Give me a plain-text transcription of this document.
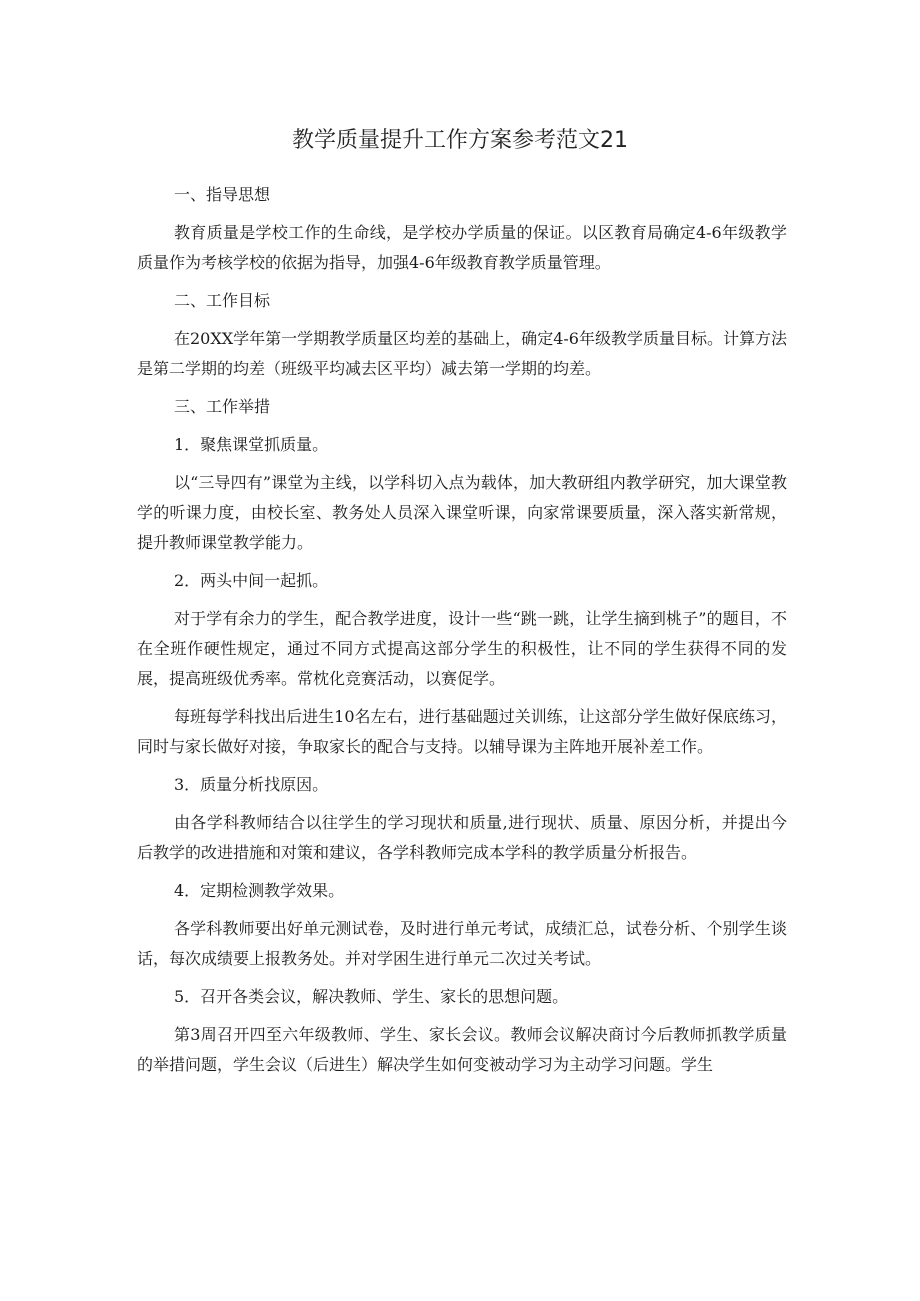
教学质量提升工作方案参考范文21

一、指导思想

教育质量是学校工作的生命线，是学校办学质量的保证。以区教育局确定4-6年级教学质量作为考核学校的依据为指导，加强4-6年级教育教学质量管理。

二、工作目标

在20XX学年第一学期教学质量区均差的基础上，确定4-6年级教学质量目标。计算方法是第二学期的均差（班级平均减去区平均）减去第一学期的均差。

三、工作举措

1．聚焦课堂抓质量。

以“三导四有”课堂为主线，以学科切入点为载体，加大教研组内教学研究，加大课堂教学的听课力度，由校长室、教务处人员深入课堂听课，向家常课要质量，深入落实新常规，提升教师课堂教学能力。

2．两头中间一起抓。

对于学有余力的学生，配合教学进度，设计一些“跳一跳，让学生摘到桃子”的题目，不在全班作硬性规定，通过不同方式提高这部分学生的积极性，让不同的学生获得不同的发展，提高班级优秀率。常枕化竞赛活动，以赛促学。

每班每学科找出后进生10名左右，进行基础题过关训练，让这部分学生做好保底练习，同时与家长做好对接，争取家长的配合与支持。以辅导课为主阵地开展补差工作。

3．质量分析找原因。

由各学科教师结合以往学生的学习现状和质量,进行现状、质量、原因分析，并提出今后教学的改进措施和对策和建议，各学科教师完成本学科的教学质量分析报告。

4．定期检测教学效果。

各学科教师要出好单元测试卷，及时进行单元考试，成绩汇总，试卷分析、个别学生谈话，每次成绩要上报教务处。并对学困生进行单元二次过关考试。

5．召开各类会议，解决教师、学生、家长的思想问题。

第3周召开四至六年级教师、学生、家长会议。教师会议解决商讨今后教师抓教学质量的举措问题，学生会议（后进生）解决学生如何变被动学习为主动学习问题。学生
